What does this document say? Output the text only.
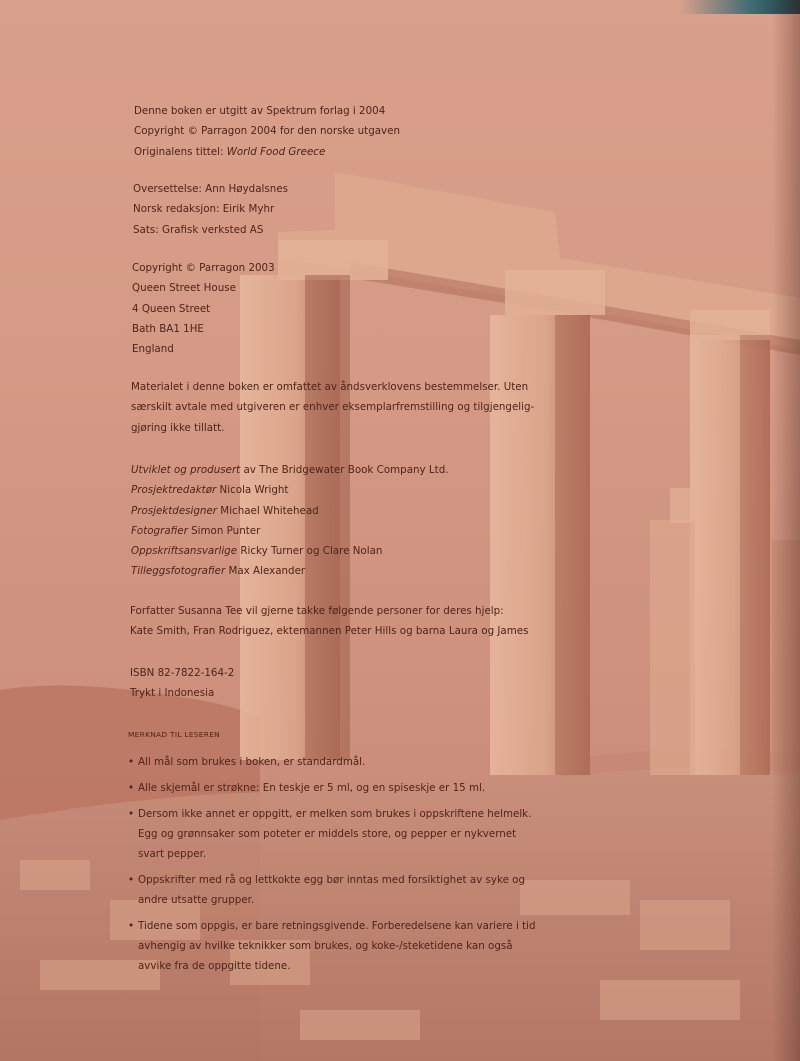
Denne boken er utgitt av Spektrum forlag i 2004
Copyright © Parragon 2004 for den norske utgaven
Originalens tittel: World Food Greece
Oversettelse: Ann Høydalsnes
Norsk redaksjon: Eirik Myhr
Sats: Grafisk verksted AS
Copyright © Parragon 2003
Queen Street House
4 Queen Street
Bath BA1 1HE
England
Materialet i denne boken er omfattet av åndsverklovens bestemmelser. Uten
særskilt avtale med utgiveren er enhver eksemplarfremstilling og tilgjengelig-
gjøring ikke tillatt.
Utviklet og produsert av The Bridgewater Book Company Ltd.
Prosjektredaktør Nicola Wright
Prosjektdesigner Michael Whitehead
Fotografier Simon Punter
Oppskriftsansvarlige Ricky Turner og Clare Nolan
Tilleggsfotografier Max Alexander
Forfatter Susanna Tee vil gjerne takke følgende personer for deres hjelp:
Kate Smith, Fran Rodriguez, ektemannen Peter Hills og barna Laura og James
ISBN 82-7822-164-2
Trykt i Indonesia
MERKNAD TIL LESEREN
• All mål som brukes i boken, er standardmål.
• Alle skjemål er strøkne: En teskje er 5 ml, og en spiseskje er 15 ml.
• Dersom ikke annet er oppgitt, er melken som brukes i oppskriftene helmelk.
Egg og grønnsaker som poteter er middels store, og pepper er nykvernet
svart pepper.
• Oppskrifter med rå og lettkokte egg bør inntas med forsiktighet av syke og
andre utsatte grupper.
• Tidene som oppgis, er bare retningsgivende. Forberedelsene kan variere i tid
avhengig av hvilke teknikker som brukes, og koke-/steketidene kan også
avvike fra de oppgitte tidene.
